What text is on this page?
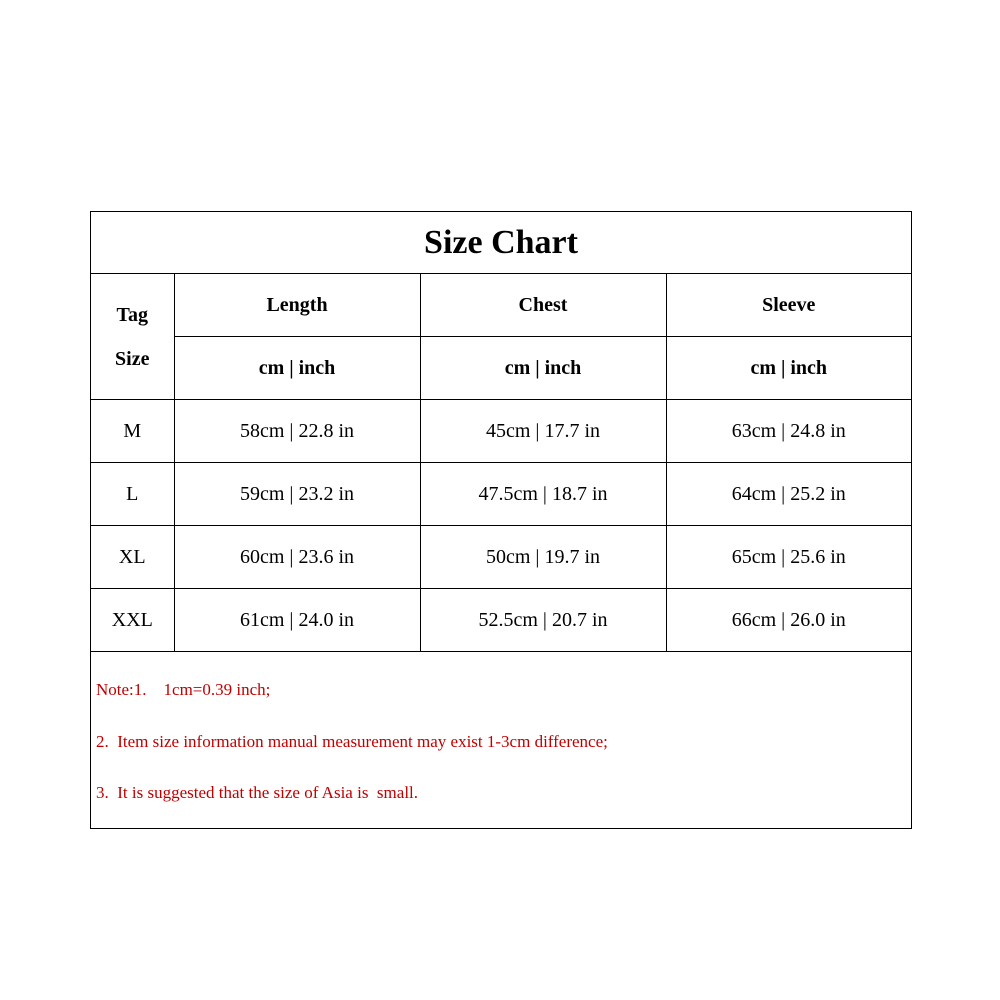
Size Chart
Tag
Size	Length	Chest	Sleeve
	cm | inch	cm | inch	cm | inch
M	58cm | 22.8 in	45cm | 17.7 in	63cm | 24.8 in
L	59cm | 23.2 in	47.5cm | 18.7 in	64cm | 25.2 in
XL	60cm | 23.6 in	50cm | 19.7 in	65cm | 25.6 in
XXL	61cm | 24.0 in	52.5cm | 20.7 in	66cm | 26.0 in
Note:1.    1cm=0.39 inch;
2.  Item size information manual measurement may exist 1-3cm difference;
3.  It is suggested that the size of Asia is  small.
